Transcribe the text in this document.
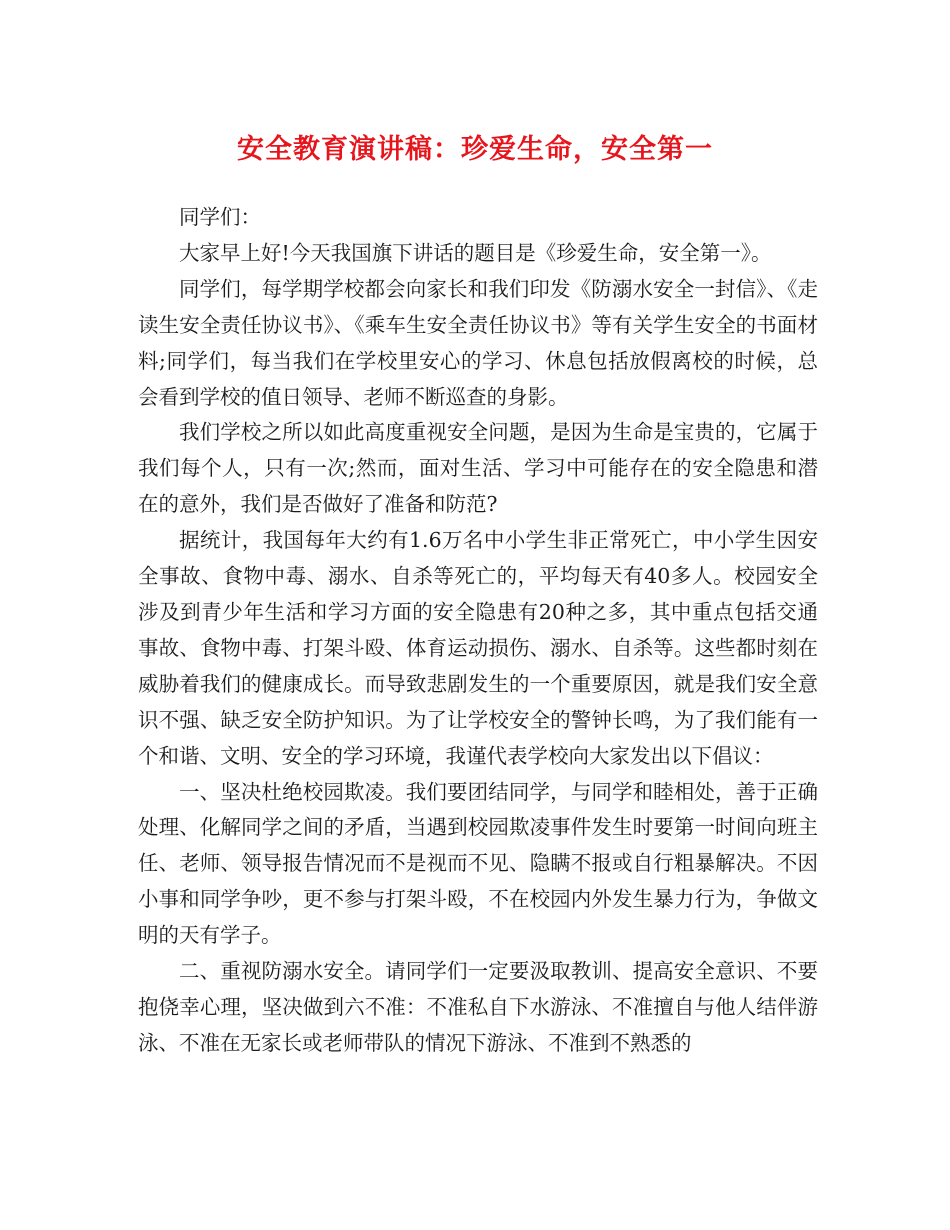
安全教育演讲稿：珍爱生命，安全第一

同学们：

大家早上好!今天我国旗下讲话的题目是《珍爱生命，安全第一》。

同学们，每学期学校都会向家长和我们印发《防溺水安全一封信》、《走读生安全责任协议书》、《乘车生安全责任协议书》等有关学生安全的书面材料;同学们，每当我们在学校里安心的学习、休息包括放假离校的时候，总会看到学校的值日领导、老师不断巡查的身影。

我们学校之所以如此高度重视安全问题，是因为生命是宝贵的，它属于我们每个人，只有一次;然而，面对生活、学习中可能存在的安全隐患和潜在的意外，我们是否做好了准备和防范?

据统计，我国每年大约有1.6万名中小学生非正常死亡，中小学生因安全事故、食物中毒、溺水、自杀等死亡的，平均每天有40多人。校园安全涉及到青少年生活和学习方面的安全隐患有20种之多，其中重点包括交通事故、食物中毒、打架斗殴、体育运动损伤、溺水、自杀等。这些都时刻在威胁着我们的健康成长。而导致悲剧发生的一个重要原因，就是我们安全意识不强、缺乏安全防护知识。为了让学校安全的警钟长鸣，为了我们能有一个和谐、文明、安全的学习环境，我谨代表学校向大家发出以下倡议：

一、坚决杜绝校园欺凌。我们要团结同学，与同学和睦相处，善于正确处理、化解同学之间的矛盾，当遇到校园欺凌事件发生时要第一时间向班主任、老师、领导报告情况而不是视而不见、隐瞒不报或自行粗暴解决。不因小事和同学争吵，更不参与打架斗殴，不在校园内外发生暴力行为，争做文明的天有学子。

二、重视防溺水安全。请同学们一定要汲取教训、提高安全意识、不要抱侥幸心理，坚决做到六不准：不准私自下水游泳、不准擅自与他人结伴游泳、不准在无家长或老师带队的情况下游泳、不准到不熟悉的
